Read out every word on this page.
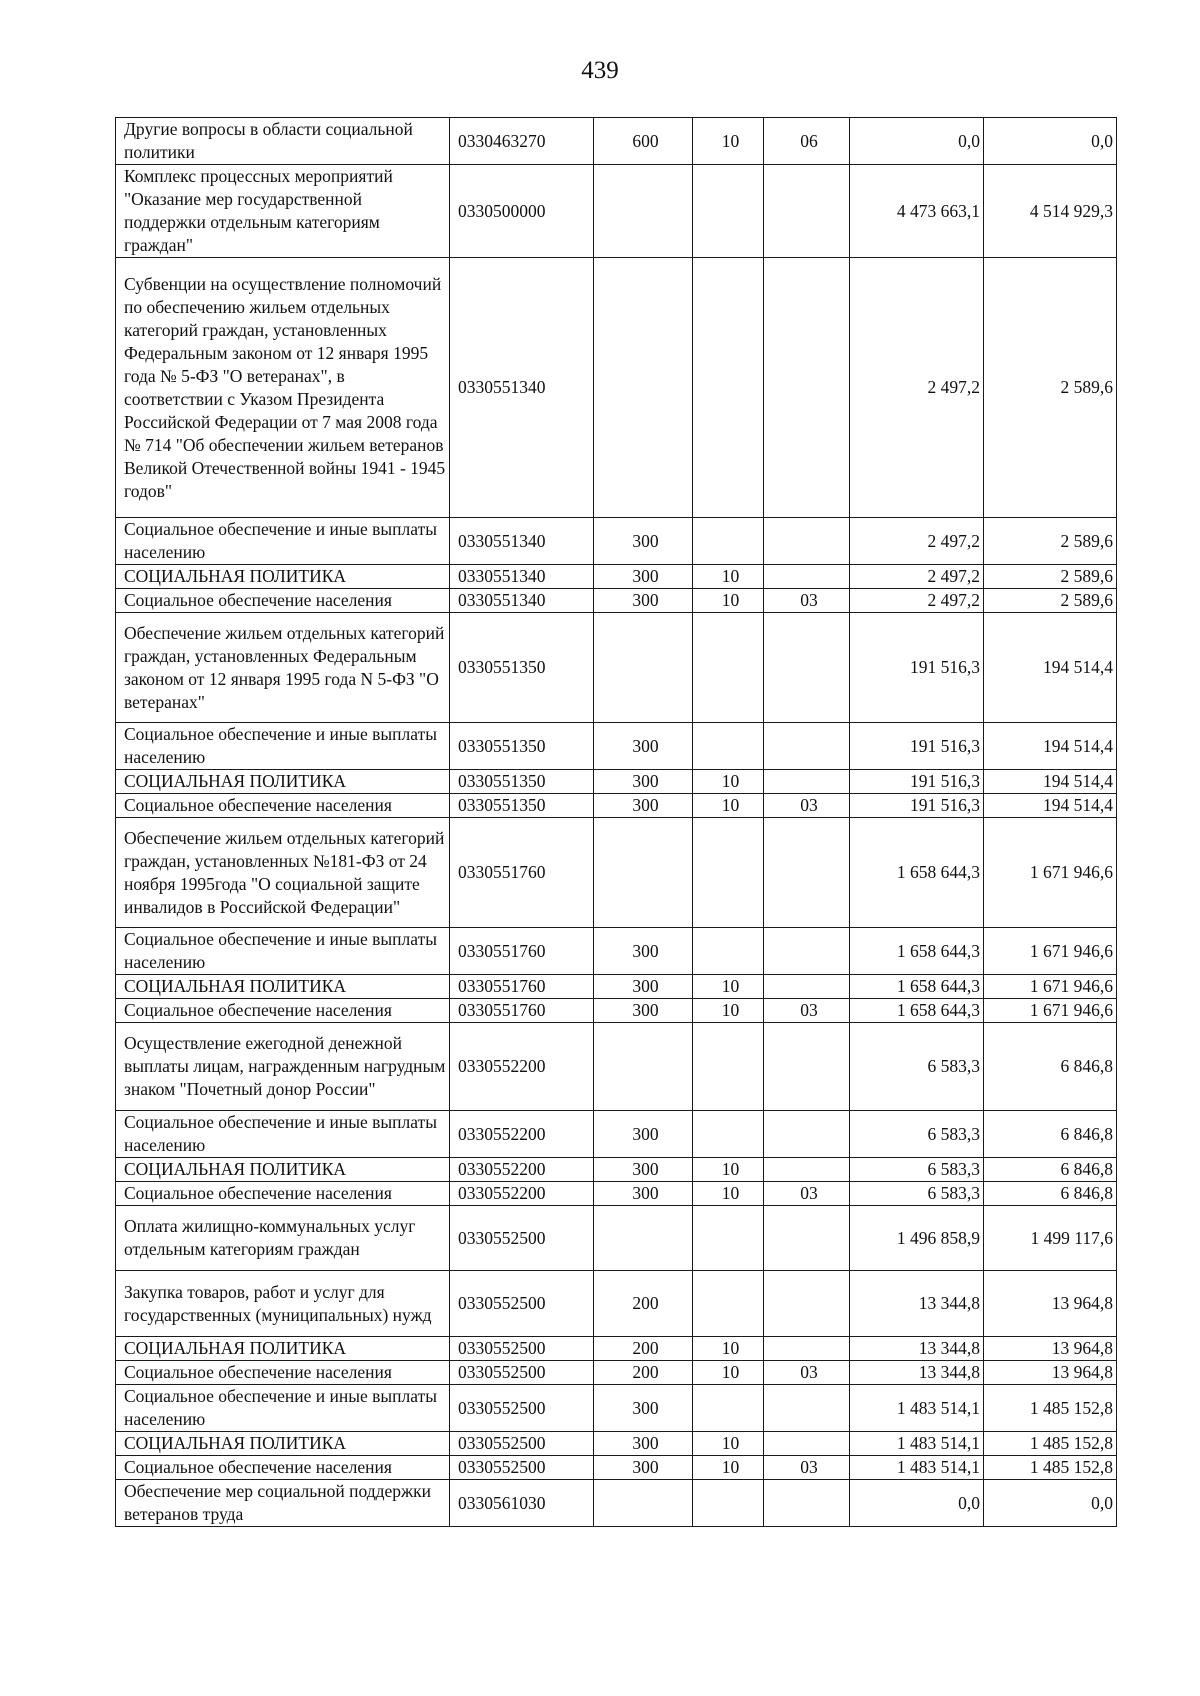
439
Другие вопросы в области социальной политики	0330463270	600	10	06	0,0	0,0
Комплекс процессных мероприятий "Оказание мер государственной поддержки отдельным категориям граждан"	0330500000				4 473 663,1	4 514 929,3
Субвенции на осуществление полномочий по обеспечению жильем отдельных категорий граждан, установленных Федеральным законом от 12 января 1995 года № 5-ФЗ "О ветеранах", в соответствии с Указом Президента Российской Федерации от 7 мая 2008 года № 714 "Об обеспечении жильем ветеранов Великой Отечественной войны 1941 - 1945 годов"	0330551340				2 497,2	2 589,6
Социальное обеспечение и иные выплаты населению	0330551340	300			2 497,2	2 589,6
СОЦИАЛЬНАЯ ПОЛИТИКА	0330551340	300	10		2 497,2	2 589,6
Социальное обеспечение населения	0330551340	300	10	03	2 497,2	2 589,6
Обеспечение жильем отдельных категорий граждан, установленных Федеральным законом от 12 января 1995 года N 5-ФЗ "О ветеранах"	0330551350				191 516,3	194 514,4
Социальное обеспечение и иные выплаты населению	0330551350	300			191 516,3	194 514,4
СОЦИАЛЬНАЯ ПОЛИТИКА	0330551350	300	10		191 516,3	194 514,4
Социальное обеспечение населения	0330551350	300	10	03	191 516,3	194 514,4
Обеспечение жильем отдельных категорий граждан, установленных №181-ФЗ от 24 ноября 1995года "О социальной защите инвалидов в Российской Федерации"	0330551760				1 658 644,3	1 671 946,6
Социальное обеспечение и иные выплаты населению	0330551760	300			1 658 644,3	1 671 946,6
СОЦИАЛЬНАЯ ПОЛИТИКА	0330551760	300	10		1 658 644,3	1 671 946,6
Социальное обеспечение населения	0330551760	300	10	03	1 658 644,3	1 671 946,6
Осуществление ежегодной денежной выплаты лицам, награжденным нагрудным знаком "Почетный донор России"	0330552200				6 583,3	6 846,8
Социальное обеспечение и иные выплаты населению	0330552200	300			6 583,3	6 846,8
СОЦИАЛЬНАЯ ПОЛИТИКА	0330552200	300	10		6 583,3	6 846,8
Социальное обеспечение населения	0330552200	300	10	03	6 583,3	6 846,8
Оплата жилищно-коммунальных услуг отдельным категориям граждан	0330552500				1 496 858,9	1 499 117,6
Закупка товаров, работ и услуг для государственных (муниципальных) нужд	0330552500	200			13 344,8	13 964,8
СОЦИАЛЬНАЯ ПОЛИТИКА	0330552500	200	10		13 344,8	13 964,8
Социальное обеспечение населения	0330552500	200	10	03	13 344,8	13 964,8
Социальное обеспечение и иные выплаты населению	0330552500	300			1 483 514,1	1 485 152,8
СОЦИАЛЬНАЯ ПОЛИТИКА	0330552500	300	10		1 483 514,1	1 485 152,8
Социальное обеспечение населения	0330552500	300	10	03	1 483 514,1	1 485 152,8
Обеспечение мер социальной поддержки ветеранов труда	0330561030				0,0	0,0
